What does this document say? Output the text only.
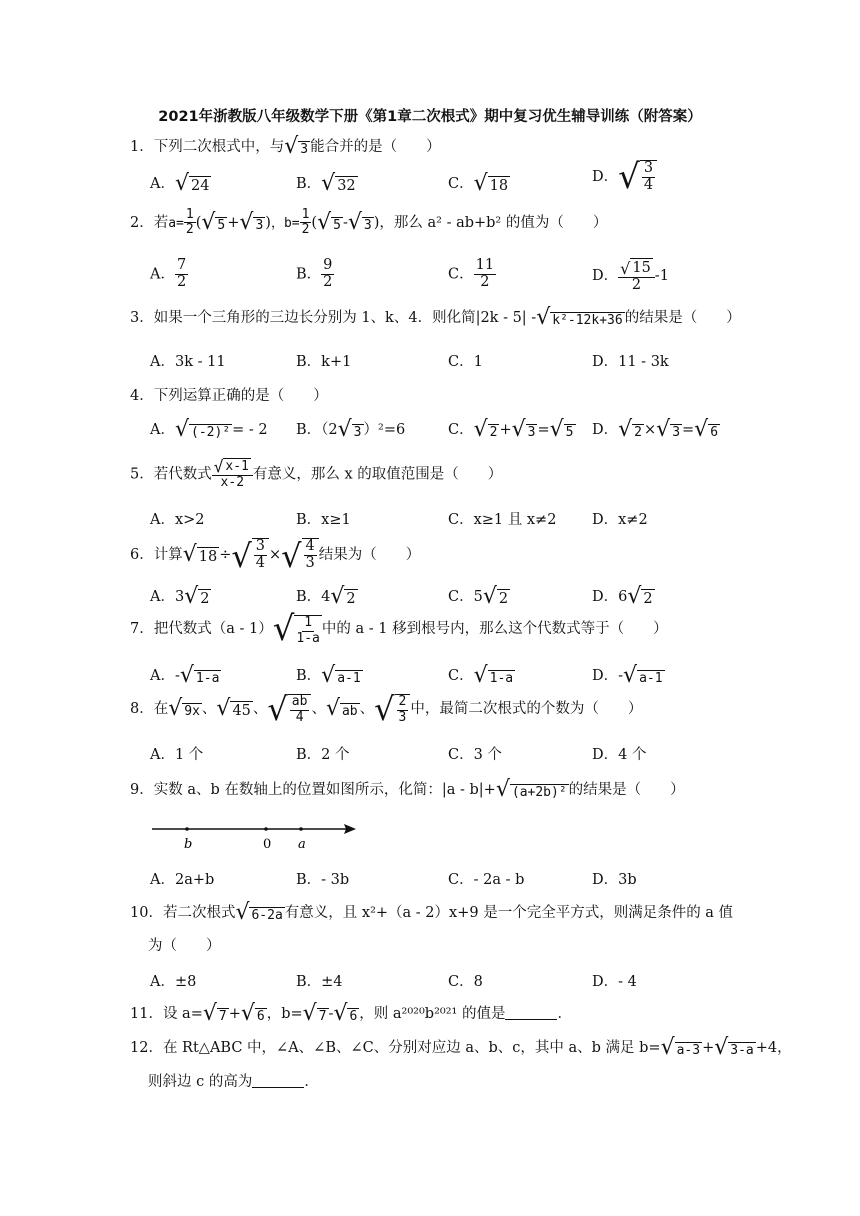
2021年浙教版八年级数学下册《第1章二次根式》期中复习优生辅导训练（附答案）
1．下列二次根式中，与 √ 3 能合并的是（　　）
A． √ 24	B． √ 32	C． √ 18
D． √ $\frac{3}{4}$
2．若$a= \frac{1}{2}$ ( √ 5 + √ 3 )，$b= \frac{1}{2}$ ( √ 5 - √ 3 )，那么 a² - ab+b² 的值为（　　）
A． $\frac{7}{2}$	B． $\frac{9}{2}$	C． $\frac{11}{2}$	D． $\frac{√ 15}{2} -1$
3．如果一个三角形的三边长分别为 1、k、4．则化简|2k - 5| - √ k²-12k+36 的结果是（　　）
A．3k - 11	B．k+1	C．1	D．11 - 3k
4．下列运算正确的是（　　）
A． √ (-2)² = - 2 B．（2 √ 3 ）²=6	C． √ 2 + √ 3 = √ 5 D． √ 2 × √ 3 = √ 6
5．若代数式 $\frac{√ x-1}{x-2}$ 有意义，那么 x 的取值范围是（　　）
A．x>2	B．x≥1	C．x≥1 且 x≠2 D．x≠2
6．计算 √ 18 ÷ √ $\frac{3}{4}$ × √ $\frac{4}{3}$ 结果为（　　）
A．3 √ 2	B．4 √ 2	C．5 √ 2	D．6 √ 2
7．把代数式（a - 1） √ $\frac{1}{1-a}$ 中的 a - 1 移到根号内，那么这个代数式等于（　　）
A．- √ 1-a	B． √ a-1	C． √ 1-a	D．- √ a-1
8．在 √ 9x 、 √ 45 、 √ $\frac{ab}{4}$ 、 √ ab 、 √ $\frac{2}{3}$ 中，最简二次根式的个数为（　　）
A．1 个	B．2 个	C．3 个	D．4 个
9．实数 a、b 在数轴上的位置如图所示，化简：|a - b|+ √ (a+2b)² 的结果是（　　）
b	0 a
A．2a+b	B．- 3b	C．- 2a - b	D．3b
10．若二次根式 √ 6-2a 有意义，且 x²+（a - 2）x+9 是一个完全平方式，则满足条件的 a 值
为（　　）
A．±8	B．±4	C．8	D．- 4
11．设 a= √ 7 + √ 6 ，b= √ 7 - √ 6 ，则 a²⁰²⁰b²⁰²¹ 的值是	．
12．在 Rt△ABC 中，∠A、∠B、∠C、分别对应边 a、b、c，其中 a、b 满足 b= √ a-3 + √ 3-a +4，
则斜边 c 的高为	．
